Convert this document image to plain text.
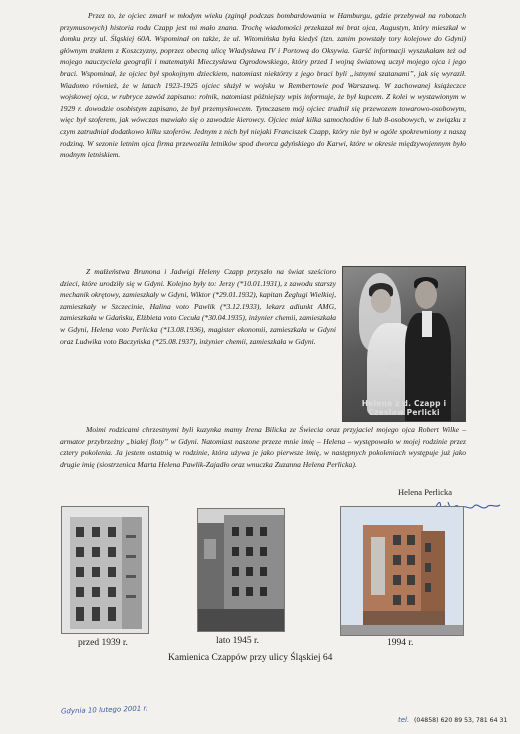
Przez to, że ojciec zmarł w młodym wieku (zginął podczas bombardowania w Hamburgu, gdzie przebywał na robotach przymusowych) historia rodu Czapp jest mi mało znana. Trochę wiadomości przekazał mi brat ojca, Augustyn, który mieszkał w domku przy ul. Śląskiej 60A. Wspominał on także, że ul. Witomińska była kiedyś (tzn. zanim powstały tory kolejowe do Gdyni) głównym traktem z Koszczyzny, poprzez obecną ulicę Władysława IV i Portową do Oksywia. Garść informacji wyszukałam też od mojego nauczyciela geografii i matematyki Mieczysława Ogrodowskiego, który przed I wojną światową uczył mojego ojca i jego braci. Wspominał, że ojciec był spokojnym dzieckiem, natomiast niektórzy z jego braci byli „istnymi szatanami”, jak się wyraził. Wiadomo również, że w latach 1923-1925 ojciec służył w wojsku w Rembertowie pod Warszawą. W zachowanej książeczce wojskowej ojca, w rubryce zawód zapisano: rolnik, natomiast późniejszy wpis informuje, że był kupcem. Z kolei w wystawionym w 1929 r. dowodzie osobistym zapisano, że był przemysłowcem. Tymczasem mój ojciec trudnił się przewozem towarowo-osobowym, więc był szoferem, jak wówczas mawiało się o zawodzie kierowcy. Ojciec miał kilka samochodów 6 lub 8-osobowych, w związku z czym zatrudniał dodatkowo kilku szoferów. Jednym z nich był niejaki Franciszek Czapp, który nie był w ogóle spokrewniony z naszą rodziną. W sezonie letnim ojca firma przewoziła letników spod dworca gdyńskiego do Karwi, które w okresie międzywojennym było modnym letniskiem.
Z małżeństwa Brunona i Jadwigi Heleny Czapp przyszło na świat sześcioro dzieci, które urodziły się w Gdyni. Kolejno były to: Jerzy (*10.01.1931), z zawodu starszy mechanik okrętowy, zamieszkały w Gdyni, Wiktor (*29.01.1932), kapitan Żeglugi Wielkiej, zamieszkały w Szczecinie, Halina voto Pawlik (*3.12.1933), lekarz adiunkt AMG, zamieszkała w Gdańsku, Elżbieta voto Cecuła (*30.04.1935), inżynier chemii, zamieszkała w Gdyni, Helena voto Perlicka (*13.08.1936), magister ekonomii, zamieszkała w Gdyni oraz Ludwika voto Baczyńska (*25.08.1937), inżynier chemii, zamieszkała w Gdyni.
Helena z d. Czapp i Czesław Perlicki
Moimi rodzicami chrzestnymi byli kuzynka mamy Irena Bilicka ze Świecia oraz przyjaciel mojego ojca Robert Wilke – armator przybrzeżny „białej floty” w Gdyni. Natomiast naszone przeze mnie imię – Helena – występowało w mojej rodzinie przez cztery pokolenia. Ja jestem ostatnią w rodzinie, która używa je jako pierwsze imię, w następnych pokoleniach występuje już jako drugie imię (siostrzenica Marta Helena Pawlik-Zajadło oraz wnuczka Zuzanna Helena Perlicka).
Helena Perlicka
przed 1939 r.	lato 1945 r.	1994 r.
Kamienica Czappów przy ulicy Śląskiej 64
Gdynia 10 lutego 2001 r.
tel. (04858) 620 89 53, 781 64 31
